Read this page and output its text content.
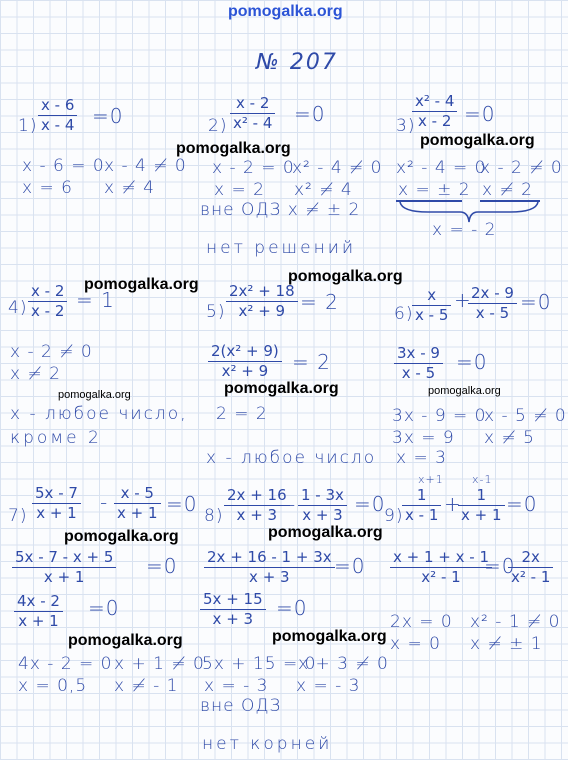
pomogalka.org
№ 207
$1) \frac{x - 6}{x - 4} =0$
x - 6 = 0 x - 4 ≠ 0
x = 6 x ≠ 4
$2) \frac{x - 2}{\text{x² - 4}} =0$
x - 2 = 0
x² - 4 ≠ 0
x = 2 x² ≠ 4
вне ОДЗ x ≠ ± 2
нет решений
3)
$\frac{\text{x² - 4}}{x - 2} =0$
x² - 4 = 0
x - 2 ≠ 0
x = ± 2 x ≠ 2
x = - 2
$4) \frac{x - 2}{x - 2} = 1$
x - 2 ≠ 0
x ≠ 2
x - любое число, 2 = 2
кроме 2
$5) \frac{\text{2x² + 18}}{\text{x² + 9}} = 2$
$\frac{\text{2(x² + 9)}}{\text{x² + 9}} = 2$
x - любое число
6)
$\frac{x}{x - 5}$ +
$\frac{2x - 9}{x - 5} =0$
$\frac{3x - 9}{x - 5} =0$
3x - 9 = 0
x - 5 ≠ 0
3x = 9 x ≠ 5
x = 3
$7) \frac{5x - 7}{x + 1} - \frac{x - 5}{x + 1} =0$
$\frac{5x - 7 - x + 5}{x + 1} =0$
$\frac{4x - 2}{x + 1} =0$
4x - 2 = 0 x + 1 ≠ 0
x = 0,5 x ≠ - 1
$8) \frac{2x + 16}{x + 3}$
- $\frac{1 - 3x}{x + 3} =0$
$\frac{2x + 16 - 1 + 3x}{x + 3} =0$
$\frac{5x + 15}{x + 3} =0$
5x + 15 = 0
x + 3 ≠ 0
x = - 3 x = - 3
вне ОДЗ
нет корней
9)
x+1
$\frac{1}{x - 1}$ +
x-1
$\frac{1}{x + 1} =0$
$\frac{x + 1 + x - 1}{\text{x² - 1}}$
=0
$\frac{2x}{\text{x² - 1}}$
2x = 0 x² - 1 ≠ 0
x = 0 x ≠ ± 1
pomogalka.org	pomogalka.org
pomogalka.org	pomogalka.org
pomogalka.org	pomogalka.org	pomogalka.org
pomogalka.org	pomogalka.org
pomogalka.org	pomogalka.org
